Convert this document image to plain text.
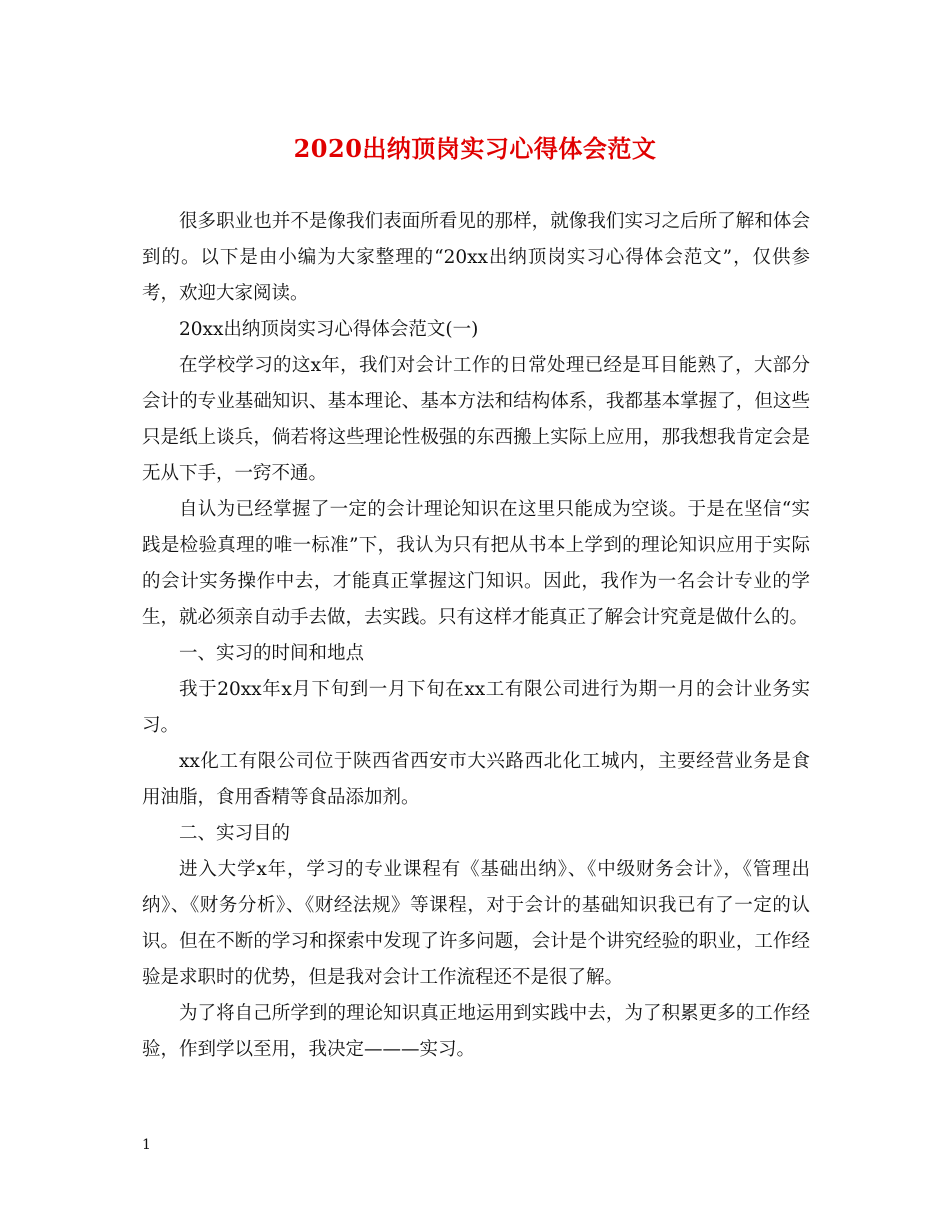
2020出纳顶岗实习心得体会范文

很多职业也并不是像我们表面所看见的那样，就像我们实习之后所了解和体会到的。以下是由小编为大家整理的“20xx出纳顶岗实习心得体会范文”，仅供参考，欢迎大家阅读。

20xx出纳顶岗实习心得体会范文(一)

在学校学习的这x年，我们对会计工作的日常处理已经是耳目能熟了，大部分会计的专业基础知识、基本理论、基本方法和结构体系，我都基本掌握了，但这些只是纸上谈兵，倘若将这些理论性极强的东西搬上实际上应用，那我想我肯定会是无从下手，一窍不通。

自认为已经掌握了一定的会计理论知识在这里只能成为空谈。于是在坚信“实践是检验真理的唯一标准”下，我认为只有把从书本上学到的理论知识应用于实际的会计实务操作中去，才能真正掌握这门知识。因此，我作为一名会计专业的学生，就必须亲自动手去做，去实践。只有这样才能真正了解会计究竟是做什么的。

一、实习的时间和地点

我于20xx年x月下旬到一月下旬在xx工有限公司进行为期一月的会计业务实习。

xx化工有限公司位于陕西省西安市大兴路西北化工城内，主要经营业务是食用油脂，食用香精等食品添加剂。

二、实习目的

进入大学x年，学习的专业课程有《基础出纳》、《中级财务会计》，《管理出纳》、《财务分析》、《财经法规》等课程，对于会计的基础知识我已有了一定的认识。但在不断的学习和探索中发现了许多问题，会计是个讲究经验的职业，工作经验是求职时的优势，但是我对会计工作流程还不是很了解。

为了将自己所学到的理论知识真正地运用到实践中去，为了积累更多的工作经验，作到学以至用，我决定———实习。

1
